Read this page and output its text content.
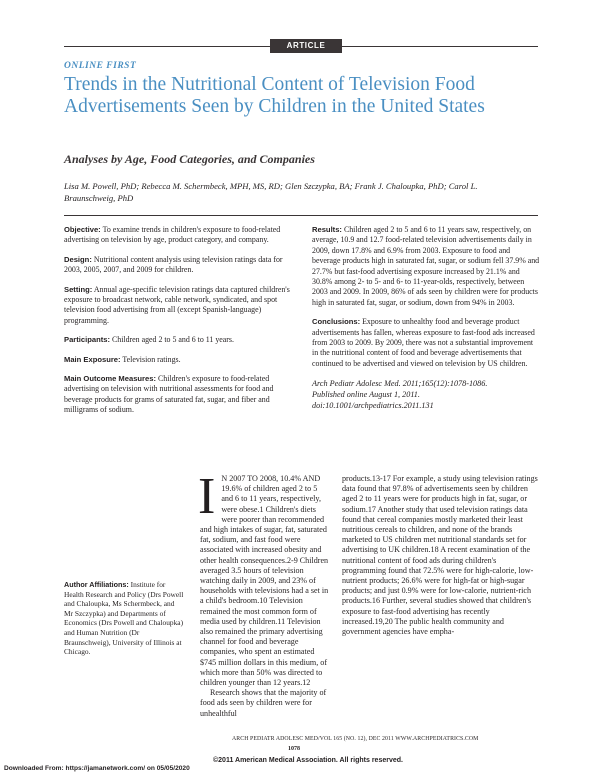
ARTICLE
ONLINE FIRST
Trends in the Nutritional Content of Television Food Advertisements Seen by Children in the United States
Analyses by Age, Food Categories, and Companies
Lisa M. Powell, PhD; Rebecca M. Schermbeck, MPH, MS, RD; Glen Szczypka, BA; Frank J. Chaloupka, PhD; Carol L. Braunschweig, PhD

Objective: To examine trends in children's exposure to food-related advertising on television by age, product category, and company.

Design: Nutritional content analysis using television ratings data for 2003, 2005, 2007, and 2009 for children.

Setting: Annual age-specific television ratings data captured children's exposure to broadcast network, cable network, syndicated, and spot television food advertising from all (except Spanish-language) programming.

Participants: Children aged 2 to 5 and 6 to 11 years.

Main Exposure: Television ratings.

Main Outcome Measures: Children's exposure to food-related advertising on television with nutritional assessments for food and beverage products for grams of saturated fat, sugar, and fiber and milligrams of sodium.

Results: Children aged 2 to 5 and 6 to 11 years saw, respectively, on average, 10.9 and 12.7 food-related television advertisements daily in 2009, down 17.8% and 6.9% from 2003. Exposure to food and beverage products high in saturated fat, sugar, or sodium fell 37.9% and 27.7% but fast-food advertising exposure increased by 21.1% and 30.8% among 2- to 5- and 6- to 11-year-olds, respectively, between 2003 and 2009. In 2009, 86% of ads seen by children were for products high in saturated fat, sugar, or sodium, down from 94% in 2003.

Conclusions: Exposure to unhealthy food and beverage product advertisements has fallen, whereas exposure to fast-food ads increased from 2003 to 2009. By 2009, there was not a substantial improvement in the nutritional content of food and beverage advertisements that continued to be advertised and viewed on television by US children.

Arch Pediatr Adolesc Med. 2011;165(12):1078-1086.
Published online August 1, 2011.
doi:10.1001/archpediatrics.2011.131

I N 2007 TO 2008, 10.4% AND 19.6% of children aged 2 to 5 and 6 to 11 years, respectively, were obese.1 Children's diets were poorer than recommended and high intakes of sugar, fat, saturated fat, sodium, and fast food were associated with increased obesity and other health consequences.2-9 Children averaged 3.5 hours of television watching daily in 2009, and 23% of households with televisions had a set in a child's bedroom.10 Television remained the most common form of media used by children.11 Television also remained the primary advertising channel for food and beverage companies, who spent an estimated $745 million dollars in this medium, of which more than 50% was directed to children younger than 12 years.12

Research shows that the majority of food ads seen by children were for unhealthful

products.13-17 For example, a study using television ratings data found that 97.8% of advertisements seen by children aged 2 to 11 years were for products high in fat, sugar, or sodium.17 Another study that used television ratings data found that cereal companies mostly marketed their least nutritious cereals to children, and none of the brands marketed to US children met nutritional standards set for advertising to UK children.18 A recent examination of the nutritional content of food ads during children's programming found that 72.5% were for high-calorie, low-nutrient products; 26.6% were for high-fat or high-sugar products; and just 0.9% were for low-calorie, nutrient-rich products.16 Further, several studies showed that children's exposure to fast-food advertising has recently increased.19,20 The public health community and government agencies have empha-

Author Affiliations: Institute for Health Research and Policy (Drs Powell and Chaloupka, Ms Schermbeck, and Mr Szczypka) and Departments of Economics (Drs Powell and Chaloupka) and Human Nutrition (Dr Braunschweig), University of Illinois at Chicago.
ARCH PEDIATR ADOLESC MED/VOL 165 (NO. 12), DEC 2011 WWW.ARCHPEDIATRICS.COM
1078
©2011 American Medical Association. All rights reserved.
Downloaded From: https://jamanetwork.com/ on 05/05/2020
